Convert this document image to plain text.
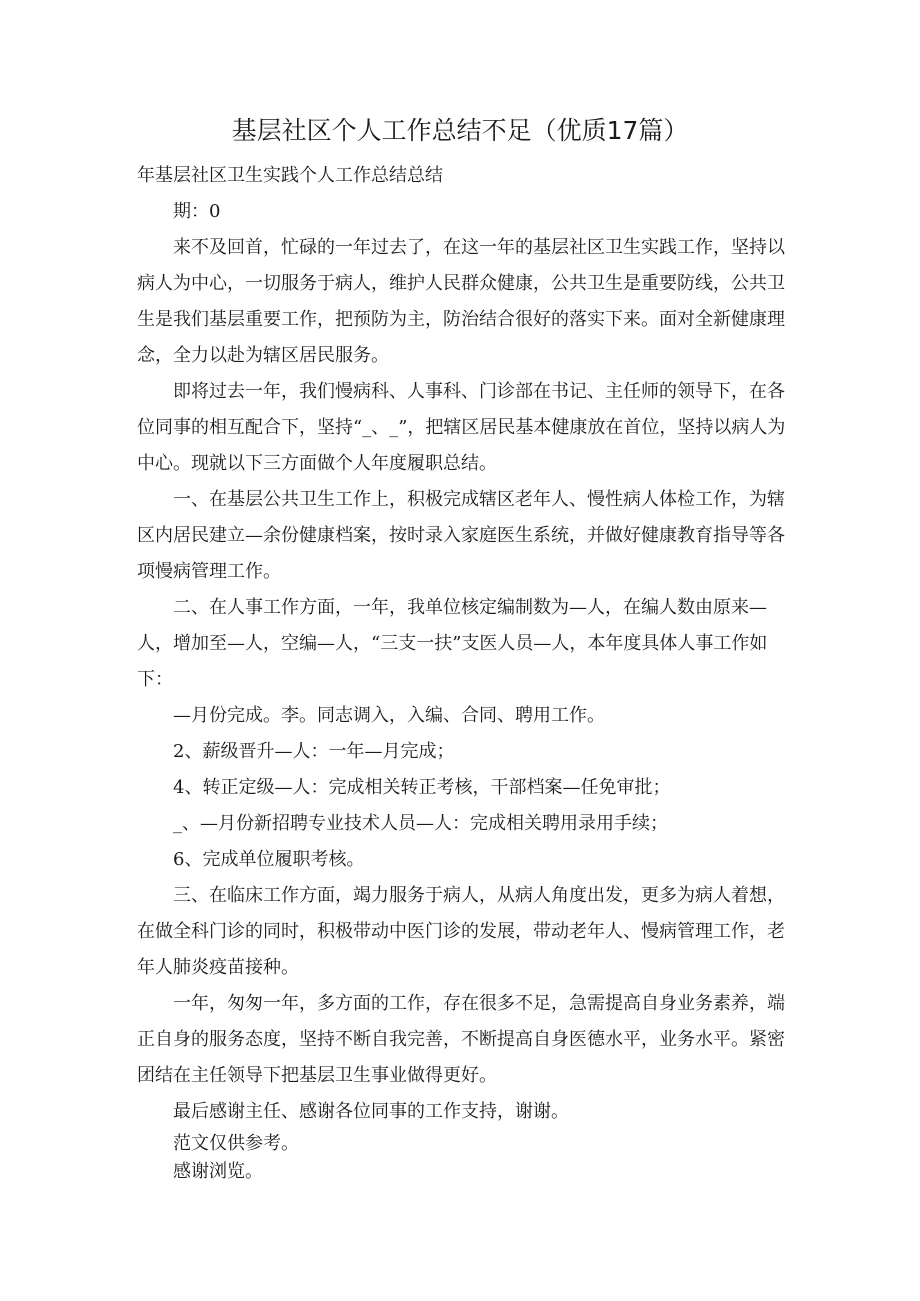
基层社区个人工作总结不足（优质17篇）

年基层社区卫生实践个人工作总结总结

期：0

来不及回首，忙碌的一年过去了，在这一年的基层社区卫生实践工作，坚持以病人为中心，一切服务于病人，维护人民群众健康，公共卫生是重要防线，公共卫生是我们基层重要工作，把预防为主，防治结合很好的落实下来。面对全新健康理念，全力以赴为辖区居民服务。

即将过去一年，我们慢病科、人事科、门诊部在书记、主任师的领导下，在各位同事的相互配合下，坚持“_、_”，把辖区居民基本健康放在首位，坚持以病人为中心。现就以下三方面做个人年度履职总结。

一、在基层公共卫生工作上，积极完成辖区老年人、慢性病人体检工作，为辖区内居民建立—余份健康档案，按时录入家庭医生系统，并做好健康教育指导等各项慢病管理工作。

二、在人事工作方面，一年，我单位核定编制数为—人，在编人数由原来—人，增加至—人，空编—人，“三支一扶”支医人员—人，本年度具体人事工作如下：

—月份完成。李。同志调入，入编、合同、聘用工作。

2、薪级晋升—人：一年—月完成；

4、转正定级—人：完成相关转正考核，干部档案—任免审批；

_、—月份新招聘专业技术人员—人：完成相关聘用录用手续；

6、完成单位履职考核。

三、在临床工作方面，竭力服务于病人，从病人角度出发，更多为病人着想，在做全科门诊的同时，积极带动中医门诊的发展，带动老年人、慢病管理工作，老年人肺炎疫苗接种。

一年，匆匆一年，多方面的工作，存在很多不足，急需提高自身业务素养，端正自身的服务态度，坚持不断自我完善，不断提高自身医德水平，业务水平。紧密团结在主任领导下把基层卫生事业做得更好。

最后感谢主任、感谢各位同事的工作支持，谢谢。

范文仅供参考。

感谢浏览。
